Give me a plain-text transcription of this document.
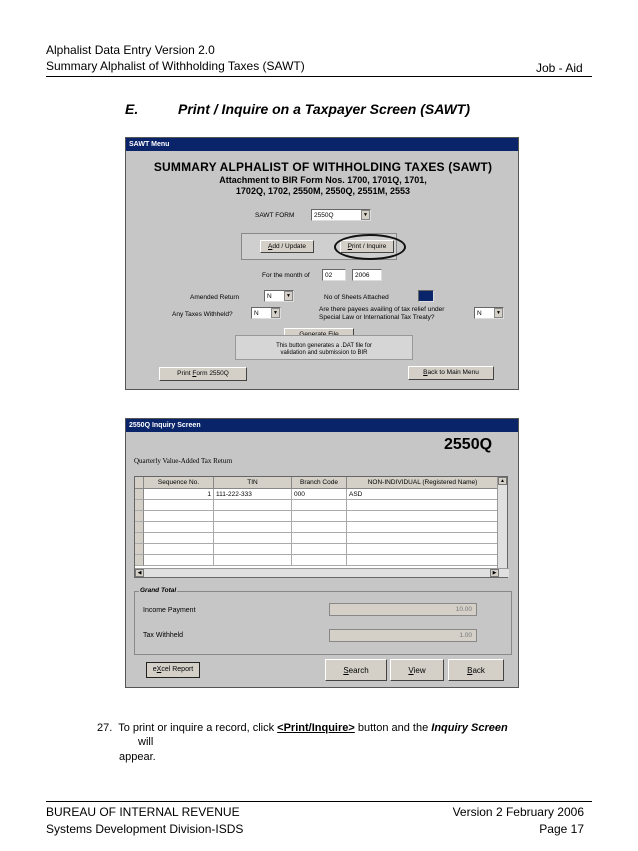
Alphalist Data Entry Version 2.0
Summary Alphalist of Withholding Taxes (SAWT)	Job - Aid
E.	Print / Inquire on a Taxpayer Screen (SAWT)
SAWT Menu
SUMMARY ALPHALIST OF WITHHOLDING TAXES (SAWT)
Attachment to BIR Form Nos. 1700, 1701Q, 1701,
1702Q, 1702, 2550M, 2550Q, 2551M, 2553
SAWT FORM	2550Q	▼
Add / Update	Print / Inquire
For the month of	02	2006
Amended Return	N	▼	No of Sheets Attached	0
Any Taxes Withheld?	N	▼	Are there payees availing of tax relief under
Special Law or International Tax Treaty?
N	▼
This button generates a .DAT file for
validation and submission to BIR
Print Form 2550Q	Back to Main Menu
2550Q Inquiry Screen
2550Q
Quarterly Value-Added Tax Return
Sequence No.	TIN	Branch Code	NON-INDIVIDUAL (Registered Name)
1 111-222-333	000	ASD
▲
◀	▶
Grand Total
Income Payment	10.00
Tax Withheld	1.00
eXcel Report	Search	View	Back
27. To print or inquire a record, click <Print/Inquire> button and the Inquiry Screen
will
appear.
BUREAU OF INTERNAL REVENUE
Systems Development Division-ISDS
Version 2 February 2006
Page 17
